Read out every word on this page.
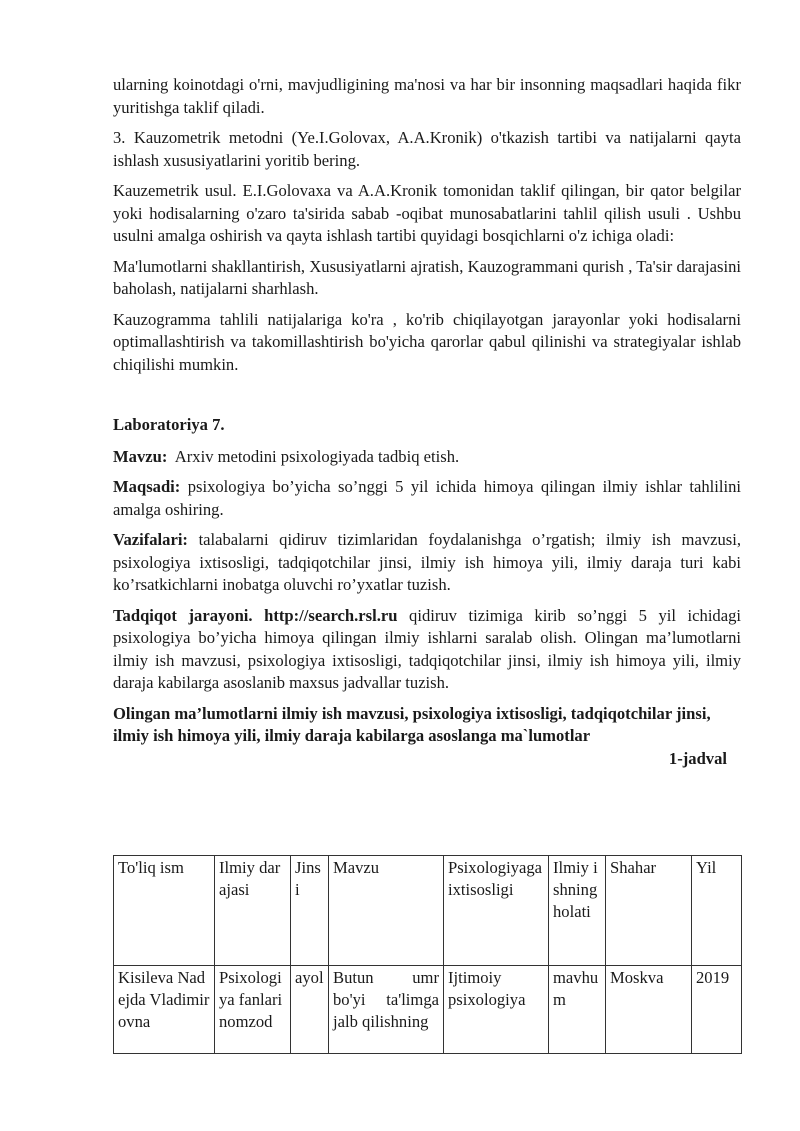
ularning koinotdagi o'rni, mavjudligining ma'nosi va har bir insonning maqsadlari haqida fikr yuritishga taklif qiladi.

3. Kauzometrik metodni (Ye.I.Golovax, A.A.Kronik) o'tkazish tartibi va natijalarni qayta ishlash xususiyatlarini yoritib bering.

Kauzemetrik usul. E.I.Golovaxa va A.A.Kronik tomonidan taklif qilingan, bir qator belgilar yoki hodisalarning o'zaro ta'sirida sabab -oqibat munosabatlarini tahlil qilish usuli . Ushbu usulni amalga oshirish va qayta ishlash tartibi quyidagi bosqichlarni o'z ichiga oladi:

Ma'lumotlarni shakllantirish, Xususiyatlarni ajratish, Kauzogrammani qurish , Ta'sir darajasini baholash, natijalarni sharhlash.

Kauzogramma tahlili natijalariga ko'ra , ko'rib chiqilayotgan jarayonlar yoki hodisalarni optimallashtirish va takomillashtirish bo'yicha qarorlar qabul qilinishi va strategiyalar ishlab chiqilishi mumkin.

Laboratoriya 7.

Mavzu: Arxiv metodini psixologiyada tadbiq etish.

Maqsadi: psixologiya bo’yicha so’nggi 5 yil ichida himoya qilingan ilmiy ishlar tahlilini amalga oshiring.

Vazifalari: talabalarni qidiruv tizimlaridan foydalanishga o’rgatish; ilmiy ish mavzusi, psixologiya ixtisosligi, tadqiqotchilar jinsi, ilmiy ish himoya yili, ilmiy daraja turi kabi ko’rsatkichlarni inobatga oluvchi ro’yxatlar tuzish.

Tadqiqot jarayoni. http://search.rsl.ru qidiruv tizimiga kirib so’nggi 5 yil ichidagi psixologiya bo’yicha himoya qilingan ilmiy ishlarni saralab olish. Olingan ma’lumotlarni ilmiy ish mavzusi, psixologiya ixtisosligi, tadqiqotchilar jinsi, ilmiy ish himoya yili, ilmiy daraja kabilarga asoslanib maxsus jadvallar tuzish.

Olingan ma’lumotlarni ilmiy ish mavzusi, psixologiya ixtisosligi, tadqiqotchilar jinsi, ilmiy ish himoya yili, ilmiy daraja kabilarga asoslanga ma`lumotlar

1-jadval

To'liq ism	Ilmiy darajasi	Jinsi	Mavzu	Psixologiyaga ixtisosligi	Ilmiy ishning holati	Shahar	Yil
Kisileva Nadejda Vladimirovna	Psixologiya fanlari nomzod	ayol	Butun umr bo'yi ta'limga jalb qilishning	Ijtimoiy psixologiya	mavhum	Moskva	2019
